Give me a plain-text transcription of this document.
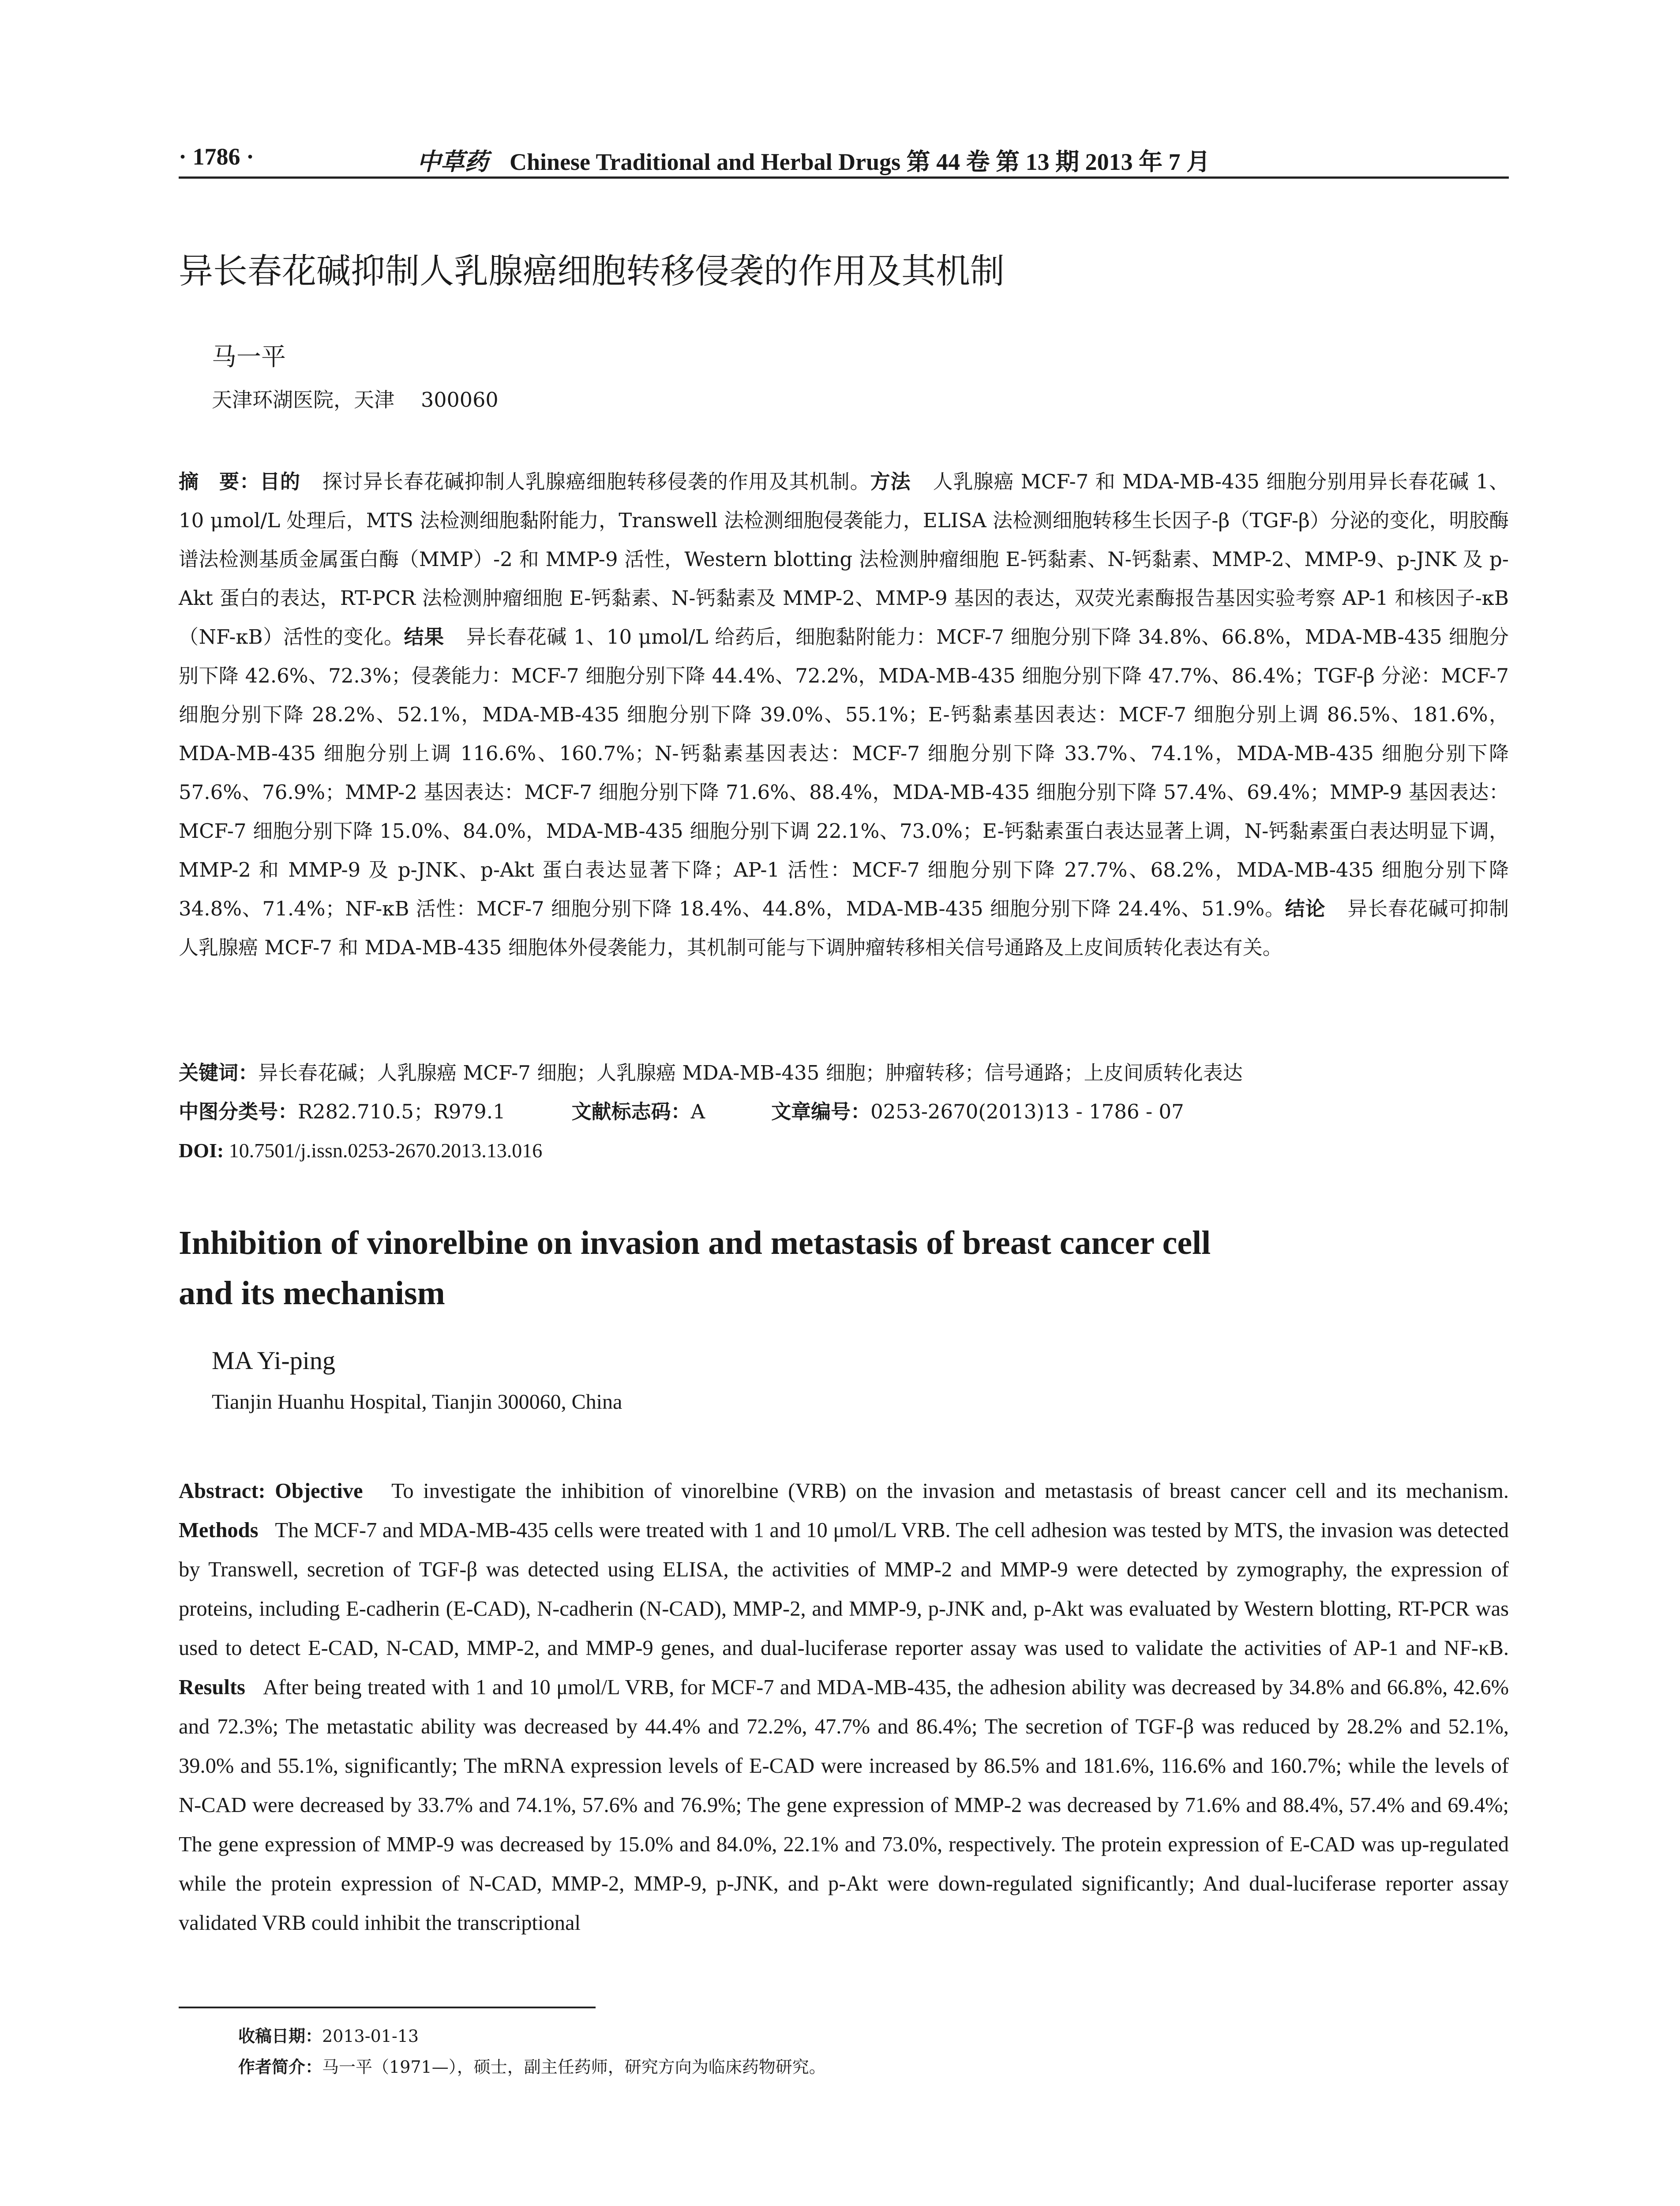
· 1786 ·	中草药 Chinese Traditional and Herbal Drugs 第 44 卷 第 13 期 2013 年 7 月
异长春花碱抑制人乳腺癌细胞转移侵袭的作用及其机制
马一平
天津环湖医院，天津 300060
摘　要：目的 探讨异长春花碱抑制人乳腺癌细胞转移侵袭的作用及其机制。方法 人乳腺癌 MCF-7 和 MDA-MB-435 细胞分别用异长春花碱 1、10 μmol/L 处理后，MTS 法检测细胞黏附能力，Transwell 法检测细胞侵袭能力，ELISA 法检测细胞转移生长因子-β（TGF-β）分泌的变化，明胶酶谱法检测基质金属蛋白酶（MMP）-2 和 MMP-9 活性，Western blotting 法检测肿瘤细胞 E-钙黏素、N-钙黏素、MMP-2、MMP-9、p-JNK 及 p-Akt 蛋白的表达，RT-PCR 法检测肿瘤细胞 E-钙黏素、N-钙黏素及 MMP-2、MMP-9 基因的表达，双荧光素酶报告基因实验考察 AP-1 和核因子-κB（NF-κB）活性的变化。结果 异长春花碱 1、10 μmol/L 给药后，细胞黏附能力：MCF-7 细胞分别下降 34.8%、66.8%，MDA-MB-435 细胞分别下降 42.6%、72.3%；侵袭能力：MCF-7 细胞分别下降 44.4%、72.2%，MDA-MB-435 细胞分别下降 47.7%、86.4%；TGF-β 分泌：MCF-7 细胞分别下降 28.2%、52.1%，MDA-MB-435 细胞分别下降 39.0%、55.1%；E-钙黏素基因表达：MCF-7 细胞分别上调 86.5%、181.6%，MDA-MB-435 细胞分别上调 116.6%、160.7%；N-钙黏素基因表达：MCF-7 细胞分别下降 33.7%、74.1%，MDA-MB-435 细胞分别下降 57.6%、76.9%；MMP-2 基因表达：MCF-7 细胞分别下降 71.6%、88.4%，MDA-MB-435 细胞分别下降 57.4%、69.4%；MMP-9 基因表达：MCF-7 细胞分别下降 15.0%、84.0%，MDA-MB-435 细胞分别下调 22.1%、73.0%；E-钙黏素蛋白表达显著上调，N-钙黏素蛋白表达明显下调，MMP-2 和 MMP-9 及 p-JNK、p-Akt 蛋白表达显著下降；AP-1 活性：MCF-7 细胞分别下降 27.7%、68.2%，MDA-MB-435 细胞分别下降 34.8%、71.4%；NF-κB 活性：MCF-7 细胞分别下降 18.4%、44.8%，MDA-MB-435 细胞分别下降 24.4%、51.9%。结论 异长春花碱可抑制人乳腺癌 MCF-7 和 MDA-MB-435 细胞体外侵袭能力，其机制可能与下调肿瘤转移相关信号通路及上皮间质转化表达有关。
关键词：异长春花碱；人乳腺癌 MCF-7 细胞；人乳腺癌 MDA-MB-435 细胞；肿瘤转移；信号通路；上皮间质转化表达
中图分类号：R282.710.5；R979.1	文献标志码：A	文章编号：0253-2670(2013)13 - 1786 - 07
DOI: 10.7501/j.issn.0253-2670.2013.13.016
Inhibition of vinorelbine on invasion and metastasis of breast cancer cell
and its mechanism
MA Yi-ping
Tianjin Huanhu Hospital, Tianjin 300060, China
Abstract: Objective To investigate the inhibition of vinorelbine (VRB) on the invasion and metastasis of breast cancer cell and its mechanism. Methods The MCF-7 and MDA-MB-435 cells were treated with 1 and 10 μmol/L VRB. The cell adhesion was tested by MTS, the invasion was detected by Transwell, secretion of TGF-β was detected using ELISA, the activities of MMP-2 and MMP-9 were detected by zymography, the expression of proteins, including E-cadherin (E-CAD), N-cadherin (N-CAD), MMP-2, and MMP-9, p-JNK and, p-Akt was evaluated by Western blotting, RT-PCR was used to detect E-CAD, N-CAD, MMP-2, and MMP-9 genes, and dual-luciferase reporter assay was used to validate the activities of AP-1 and NF-κB. Results After being treated with 1 and 10 μmol/L VRB, for MCF-7 and MDA-MB-435, the adhesion ability was decreased by 34.8% and 66.8%, 42.6% and 72.3%; The metastatic ability was decreased by 44.4% and 72.2%, 47.7% and 86.4%; The secretion of TGF-β was reduced by 28.2% and 52.1%, 39.0% and 55.1%, significantly; The mRNA expression levels of E-CAD were increased by 86.5% and 181.6%, 116.6% and 160.7%; while the levels of N-CAD were decreased by 33.7% and 74.1%, 57.6% and 76.9%; The gene expression of MMP-2 was decreased by 71.6% and 88.4%, 57.4% and 69.4%; The gene expression of MMP-9 was decreased by 15.0% and 84.0%, 22.1% and 73.0%, respectively. The protein expression of E-CAD was up-regulated while the protein expression of N-CAD, MMP-2, MMP-9, p-JNK, and p-Akt were down-regulated significantly; And dual-luciferase reporter assay validated VRB could inhibit the transcriptional
收稿日期：2013-01-13
作者简介：马一平（1971—），硕士，副主任药师，研究方向为临床药物研究。
